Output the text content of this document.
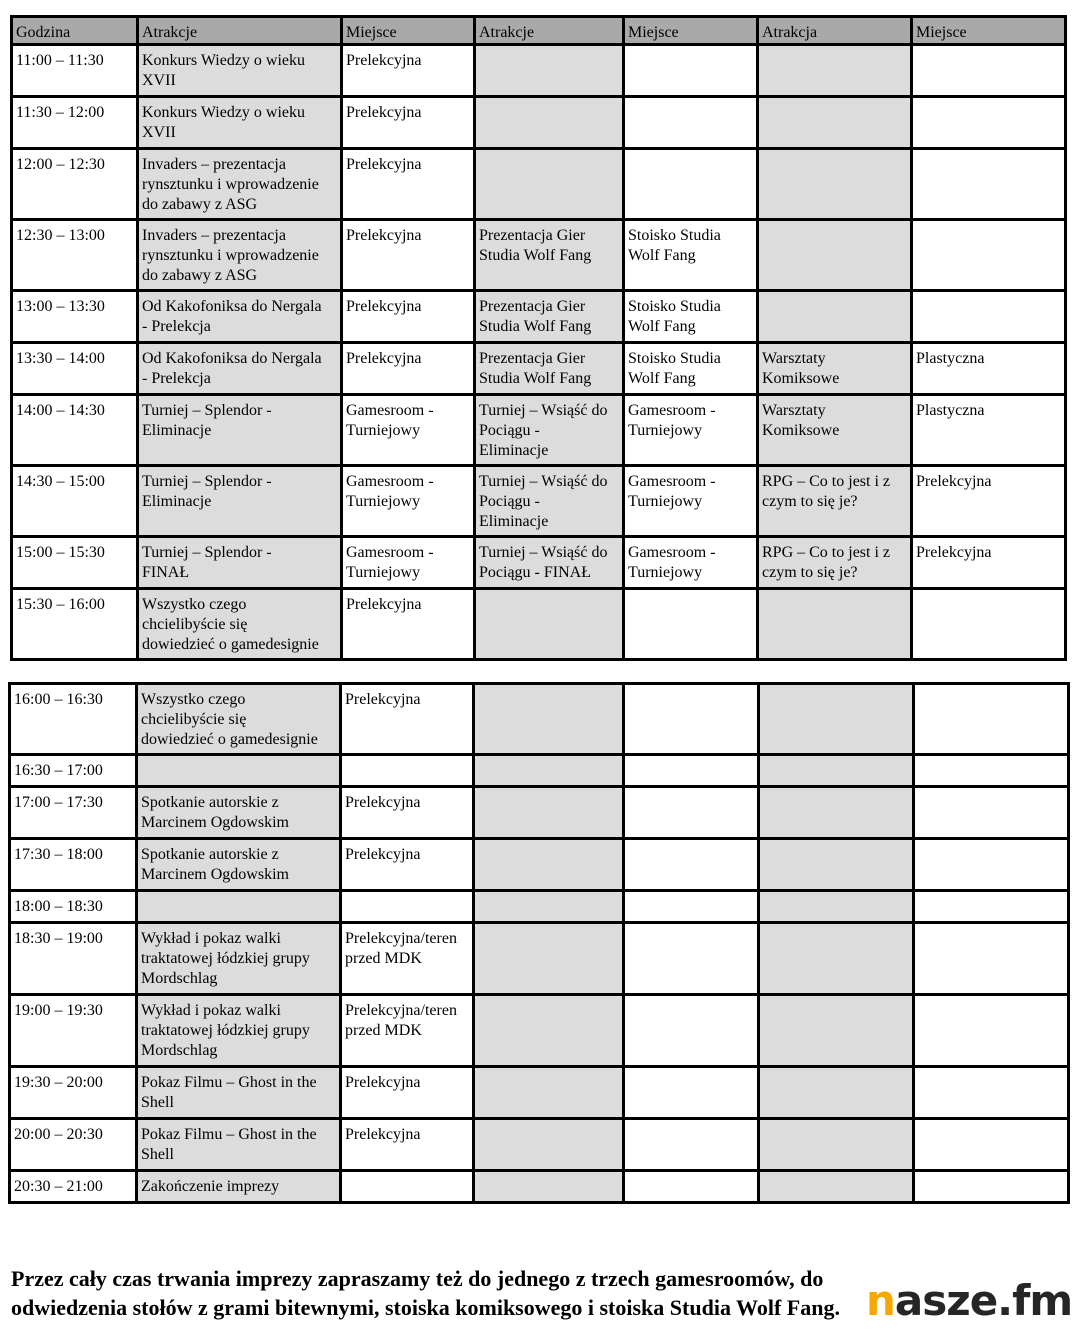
Godzina	Atrakcje	Miejsce	Atrakcje	Miejsce	Atrakcja	Miejsce
11:00 – 11:30	Konkurs Wiedzy o wieku XVII	Prelekcyjna				
11:30 – 12:00	Konkurs Wiedzy o wieku XVII	Prelekcyjna				
12:00 – 12:30	Invaders – prezentacja
rynsztunku i wprowadzenie
do zabawy z ASG	Prelekcyjna				
12:30 – 13:00	Invaders – prezentacja
rynsztunku i wprowadzenie
do zabawy z ASG	Prelekcyjna	Prezentacja Gier
Studia Wolf Fang	Stoisko Studia
Wolf Fang		
13:00 – 13:30	Od Kakofoniksa do Nergala
- Prelekcja	Prelekcyjna	Prezentacja Gier
Studia Wolf Fang	Stoisko Studia
Wolf Fang		
13:30 – 14:00	Od Kakofoniksa do Nergala
- Prelekcja	Prelekcyjna	Prezentacja Gier
Studia Wolf Fang	Stoisko Studia
Wolf Fang	Warsztaty
Komiksowe	Plastyczna
14:00 – 14:30	Turniej – Splendor -
Eliminacje	Gamesroom -
Turniejowy	Turniej – Wsiąść do
Pociągu -
Eliminacje	Gamesroom -
Turniejowy	Warsztaty
Komiksowe	Plastyczna
14:30 – 15:00	Turniej – Splendor -
Eliminacje	Gamesroom -
Turniejowy	Turniej – Wsiąść do
Pociągu -
Eliminacje	Gamesroom -
Turniejowy	RPG – Co to jest i z
czym to się je?	Prelekcyjna
15:00 – 15:30	Turniej – Splendor -
FINAŁ	Gamesroom -
Turniejowy	Turniej – Wsiąść do
Pociągu - FINAŁ	Gamesroom -
Turniejowy	RPG – Co to jest i z
czym to się je?	Prelekcyjna
15:30 – 16:00	Wszystko czego
chcielibyście się
dowiedzieć o gamedesignie	Prelekcyjna				
16:00 – 16:30	Wszystko czego
chcielibyście się
dowiedzieć o gamedesignie	Prelekcyjna				
16:30 – 17:00						
17:00 – 17:30	Spotkanie autorskie z
Marcinem Ogdowskim	Prelekcyjna				
17:30 – 18:00	Spotkanie autorskie z
Marcinem Ogdowskim	Prelekcyjna				
18:00 – 18:30						
18:30 – 19:00	Wykład i pokaz walki
traktatowej łódzkiej grupy
Mordschlag	Prelekcyjna/teren
przed MDK				
19:00 – 19:30	Wykład i pokaz walki
traktatowej łódzkiej grupy
Mordschlag	Prelekcyjna/teren
przed MDK				
19:30 – 20:00	Pokaz Filmu – Ghost in the
Shell	Prelekcyjna				
20:00 – 20:30	Pokaz Filmu – Ghost in the
Shell	Prelekcyjna				
20:30 – 21:00	Zakończenie imprezy					
Przez cały czas trwania imprezy zapraszamy też do jednego z trzech gamesroomów, do
odwiedzenia stołów z grami bitewnymi, stoiska komiksowego i stoiska Studia Wolf Fang. nasze.fm
